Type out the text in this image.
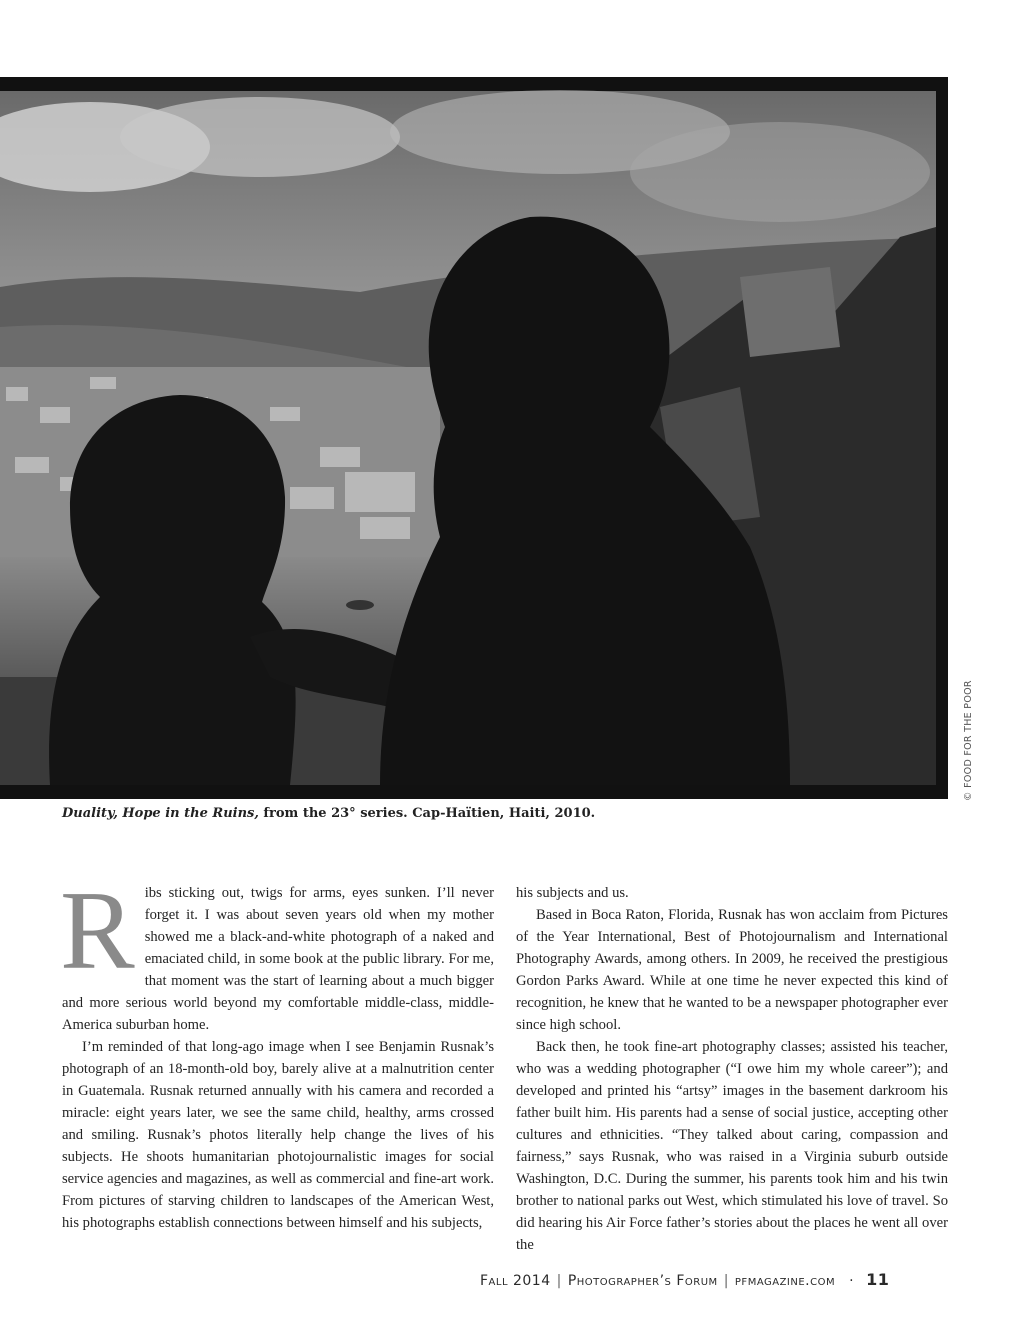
© FOOD FOR THE POOR
Duality, Hope in the Ruins, from the 23° series. Cap-Haïtien, Haiti, 2010.

Ribs sticking out, twigs for arms, eyes sunken. I’ll never forget it. I was about seven years old when my mother showed me a black-and-white photograph of a naked and emaciated child, in some book at the public library. For me, that moment was the start of learning about a much bigger and more serious world beyond my comfortable middle-class, middle-America suburban home.

I’m reminded of that long-ago image when I see Benjamin Rusnak’s photograph of an 18-month-old boy, barely alive at a malnutrition center in Guatemala. Rusnak returned annually with his camera and recorded a miracle: eight years later, we see the same child, healthy, arms crossed and smiling. Rusnak’s photos literally help change the lives of his subjects. He shoots humanitarian photojournalistic images for social service agencies and magazines, as well as commercial and fine-art work. From pictures of starving children to landscapes of the American West, his photographs establish connections between himself and his subjects,

his subjects and us.

Based in Boca Raton, Florida, Rusnak has won acclaim from Pictures of the Year International, Best of Photojournalism and International Photography Awards, among others. In 2009, he received the prestigious Gordon Parks Award. While at one time he never expected this kind of recognition, he knew that he wanted to be a newspaper photographer ever since high school.

Back then, he took fine-art photography classes; assisted his teacher, who was a wedding photographer (“I owe him my whole career”); and developed and printed his “artsy” images in the basement darkroom his father built him. His parents had a sense of social justice, accepting other cultures and ethnicities. “They talked about caring, compassion and fairness,” says Rusnak, who was raised in a Virginia suburb outside Washington, D.C. During the summer, his parents took him and his twin brother to national parks out West, which stimulated his love of travel. So did hearing his Air Force father’s stories about the places he went all over the

Fall 2014 | Photographer’s Forum | pfmagazine.com · 11
